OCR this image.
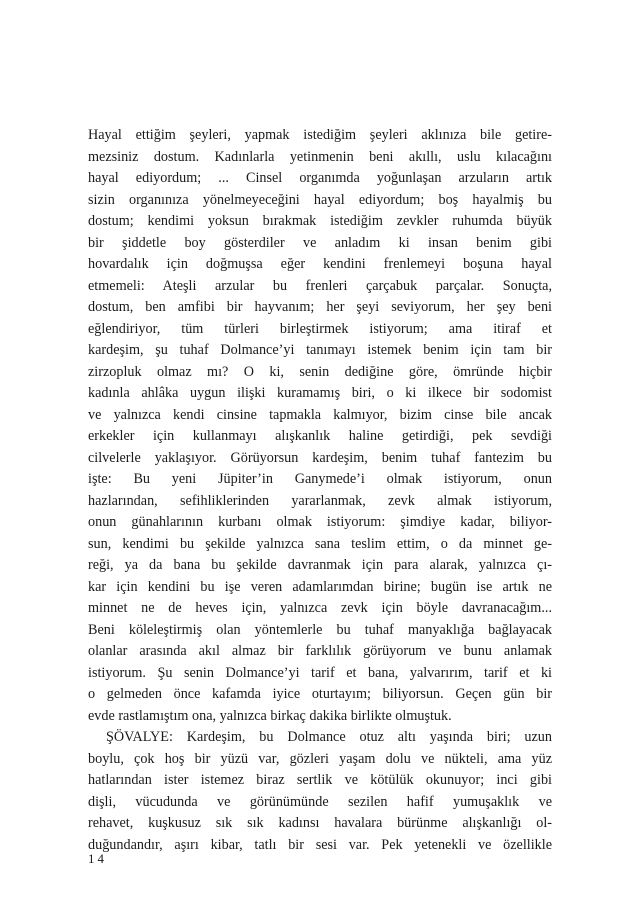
Hayal ettiğim şeyleri, yapmak istediğim şeyleri aklınıza bile getire-
mezsiniz dostum. Kadınlarla yetinmenin beni akıllı, uslu kılacağını
hayal ediyordum; ... Cinsel organımda yoğunlaşan arzuların artık
sizin organınıza yönelmeyeceğini hayal ediyordum; boş hayalmiş bu
dostum; kendimi yoksun bırakmak istediğim zevkler ruhumda büyük
bir şiddetle boy gösterdiler ve anladım ki insan benim gibi
hovardalık için doğmuşsa eğer kendini frenlemeyi boşuna hayal
etmemeli: Ateşli arzular bu frenleri çarçabuk parçalar. Sonuçta,
dostum, ben amfibi bir hayvanım; her şeyi seviyorum, her şey beni
eğlendiriyor, tüm türleri birleştirmek istiyorum; ama itiraf et
kardeşim, şu tuhaf Dolmance’yi tanımayı istemek benim için tam bir
zirzopluk olmaz mı? O ki, senin dediğine göre, ömründe hiçbir
kadınla ahlâka uygun ilişki kuramamış biri, o ki ilkece bir sodomist
ve yalnızca kendi cinsine tapmakla kalmıyor, bizim cinse bile ancak
erkekler için kullanmayı alışkanlık haline getirdiği, pek sevdiği
cilvelerle yaklaşıyor. Görüyorsun kardeşim, benim tuhaf fantezim bu
işte: Bu yeni Jüpiter’in Ganymede’i olmak istiyorum, onun
hazlarından, sefihliklerinden yararlanmak, zevk almak istiyorum,
onun günahlarının kurbanı olmak istiyorum: şimdiye kadar, biliyor-
sun, kendimi bu şekilde yalnızca sana teslim ettim, o da minnet ge-
reği, ya da bana bu şekilde davranmak için para alarak, yalnızca çı-
kar için kendini bu işe veren adamlarımdan birine; bugün ise artık ne
minnet ne de heves için, yalnızca zevk için böyle davranacağım...
Beni köleleştirmiş olan yöntemlerle bu tuhaf manyaklığa bağlayacak
olanlar arasında akıl almaz bir farklılık görüyorum ve bunu anlamak
istiyorum. Şu senin Dolmance’yi tarif et bana, yalvarırım, tarif et ki
o gelmeden önce kafamda iyice oturtayım; biliyorsun. Geçen gün bir
evde rastlamıştım ona, yalnızca birkaç dakika birlikte olmuştuk.
ŞÖVALYE: Kardeşim, bu Dolmance otuz altı yaşında biri; uzun
boylu, çok hoş bir yüzü var, gözleri yaşam dolu ve nükteli, ama yüz
hatlarından ister istemez biraz sertlik ve kötülük okunuyor; inci gibi
dişli, vücudunda ve görünümünde sezilen hafif yumuşaklık ve
rehavet, kuşkusuz sık sık kadınsı havalara bürünme alışkanlığı ol-
duğundandır, aşırı kibar, tatlı bir sesi var. Pek yetenekli ve özellikle
14
